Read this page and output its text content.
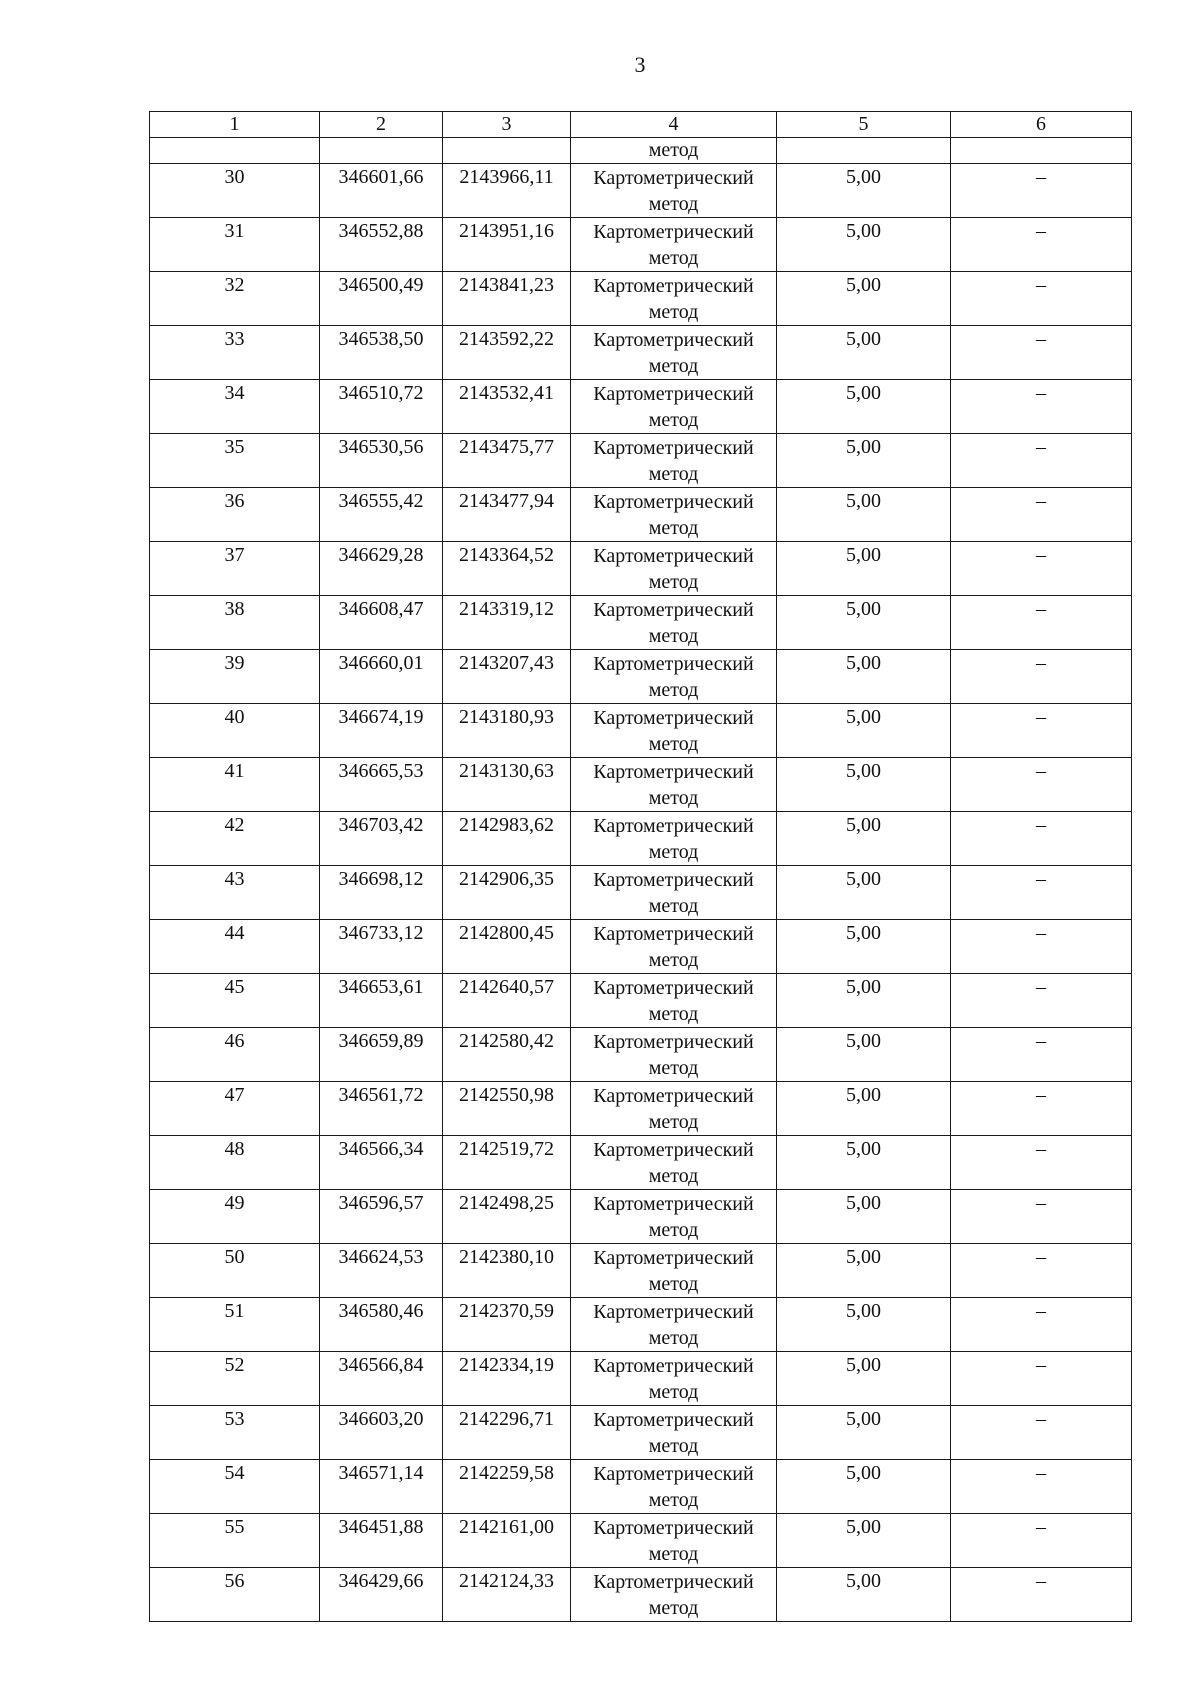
3
1	2	3	4	5	6
			метод		
30	346601,66	2143966,11	Картометрический метод	5,00	–
31	346552,88	2143951,16	Картометрический метод	5,00	–
32	346500,49	2143841,23	Картометрический метод	5,00	–
33	346538,50	2143592,22	Картометрический метод	5,00	–
34	346510,72	2143532,41	Картометрический метод	5,00	–
35	346530,56	2143475,77	Картометрический метод	5,00	–
36	346555,42	2143477,94	Картометрический метод	5,00	–
37	346629,28	2143364,52	Картометрический метод	5,00	–
38	346608,47	2143319,12	Картометрический метод	5,00	–
39	346660,01	2143207,43	Картометрический метод	5,00	–
40	346674,19	2143180,93	Картометрический метод	5,00	–
41	346665,53	2143130,63	Картометрический метод	5,00	–
42	346703,42	2142983,62	Картометрический метод	5,00	–
43	346698,12	2142906,35	Картометрический метод	5,00	–
44	346733,12	2142800,45	Картометрический метод	5,00	–
45	346653,61	2142640,57	Картометрический метод	5,00	–
46	346659,89	2142580,42	Картометрический метод	5,00	–
47	346561,72	2142550,98	Картометрический метод	5,00	–
48	346566,34	2142519,72	Картометрический метод	5,00	–
49	346596,57	2142498,25	Картометрический метод	5,00	–
50	346624,53	2142380,10	Картометрический метод	5,00	–
51	346580,46	2142370,59	Картометрический метод	5,00	–
52	346566,84	2142334,19	Картометрический метод	5,00	–
53	346603,20	2142296,71	Картометрический метод	5,00	–
54	346571,14	2142259,58	Картометрический метод	5,00	–
55	346451,88	2142161,00	Картометрический метод	5,00	–
56	346429,66	2142124,33	Картометрический метод	5,00	–
